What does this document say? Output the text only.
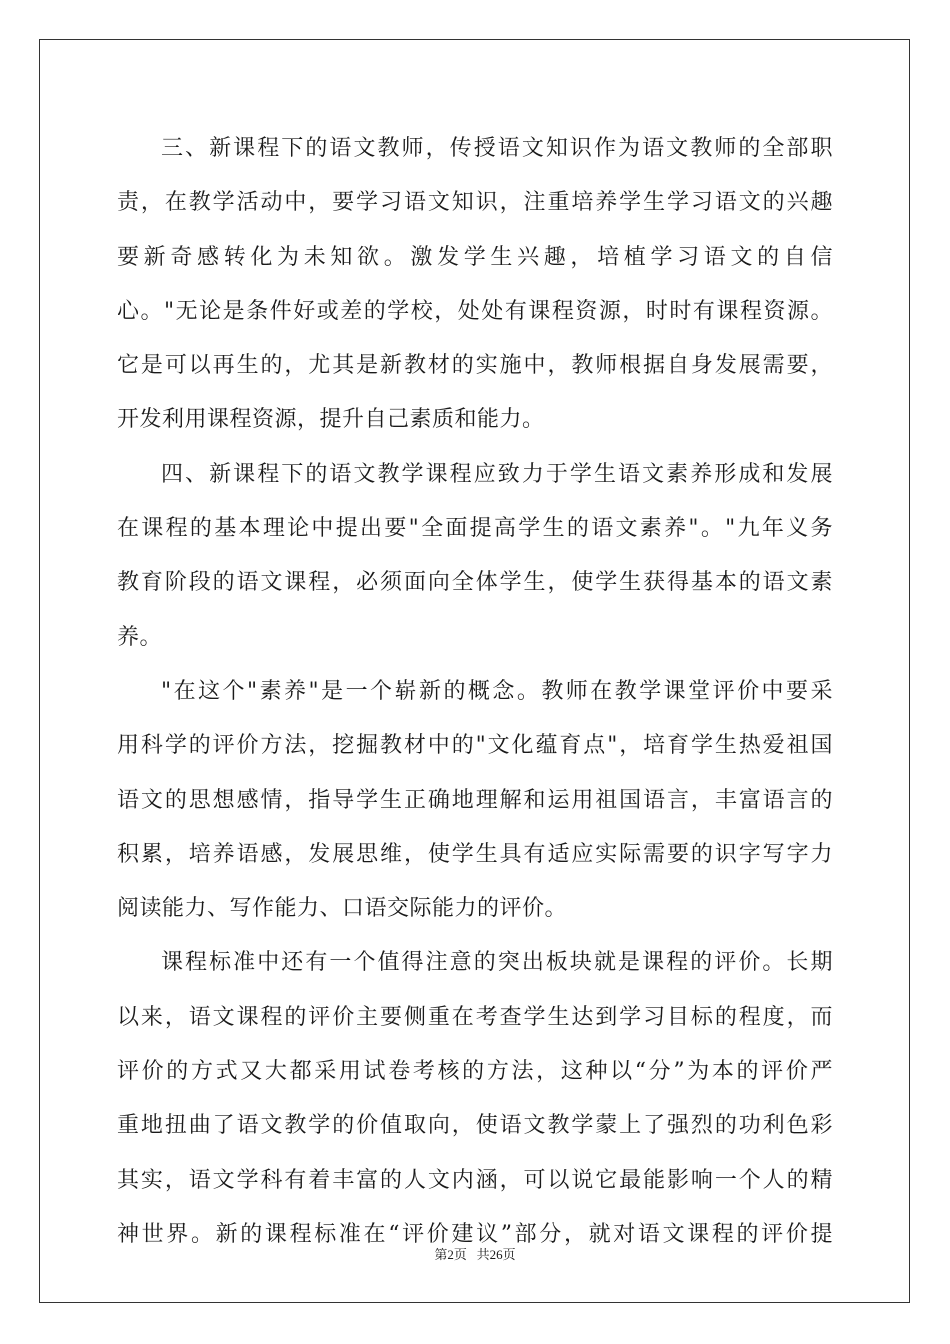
三、新课程下的语文教师，传授语文知识作为语文教师的全部职
责，在教学活动中，要学习语文知识，注重培养学生学习语文的兴趣
要新奇感转化为未知欲。激发学生兴趣，培植学习语文的自信
心。"无论是条件好或差的学校，处处有课程资源，时时有课程资源。
它是可以再生的，尤其是新教材的实施中，教师根据自身发展需要，
开发利用课程资源，提升自己素质和能力。
四、新课程下的语文教学课程应致力于学生语文素养形成和发展
在课程的基本理论中提出要"全面提高学生的语文素养"。"九年义务
教育阶段的语文课程，必须面向全体学生，使学生获得基本的语文素
养。
"在这个"素养"是一个崭新的概念。教师在教学课堂评价中要采
用科学的评价方法，挖掘教材中的"文化蕴育点"，培育学生热爱祖国
语文的思想感情，指导学生正确地理解和运用祖国语言，丰富语言的
积累，培养语感，发展思维，使学生具有适应实际需要的识字写字力
阅读能力、写作能力、口语交际能力的评价。
课程标准中还有一个值得注意的突出板块就是课程的评价。长期
以来，语文课程的评价主要侧重在考查学生达到学习目标的程度，而
评价的方式又大都采用试卷考核的方法，这种以“分”为本的评价严
重地扭曲了语文教学的价值取向，使语文教学蒙上了强烈的功利色彩
其实，语文学科有着丰富的人文内涵，可以说它最能影响一个人的精
神世界。新的课程标准在“评价建议”部分，就对语文课程的评价提
第2页   共26页
